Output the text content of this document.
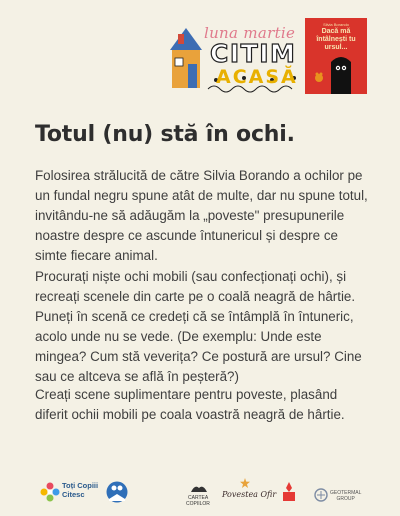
luna martie
CITIM
ACASĂ
Silvia Borando
Dacă mă întâlnești tu ursul...
Totul (nu) stă în ochi.

Folosirea strălucită de către Silvia Borando a ochilor pe un fundal negru spune atât de multe, dar nu spune totul, invitându-ne să adăugăm la „poveste" presupunerile noastre despre ce ascunde întunericul și despre ce simte fiecare animal.

Procurați niște ochi mobili (sau confecționați ochi), și recreați scenele din carte pe o coală neagră de hârtie. Puneți în scenă ce credeți că se întâmplă în întuneric, acolo unde nu se vede. (De exemplu: Unde este mingea? Cum stă veverița? Ce postură are ursul? Cine sau ce altceva se află în peșteră?)

Creați scene suplimentare pentru poveste, plasând diferit ochii mobili pe coala voastră neagră de hârtie.

Toți Copiii
Citesc	CARTEA
COPIILOR
Povestea Ofir	GEOTERMAL
GROUP
